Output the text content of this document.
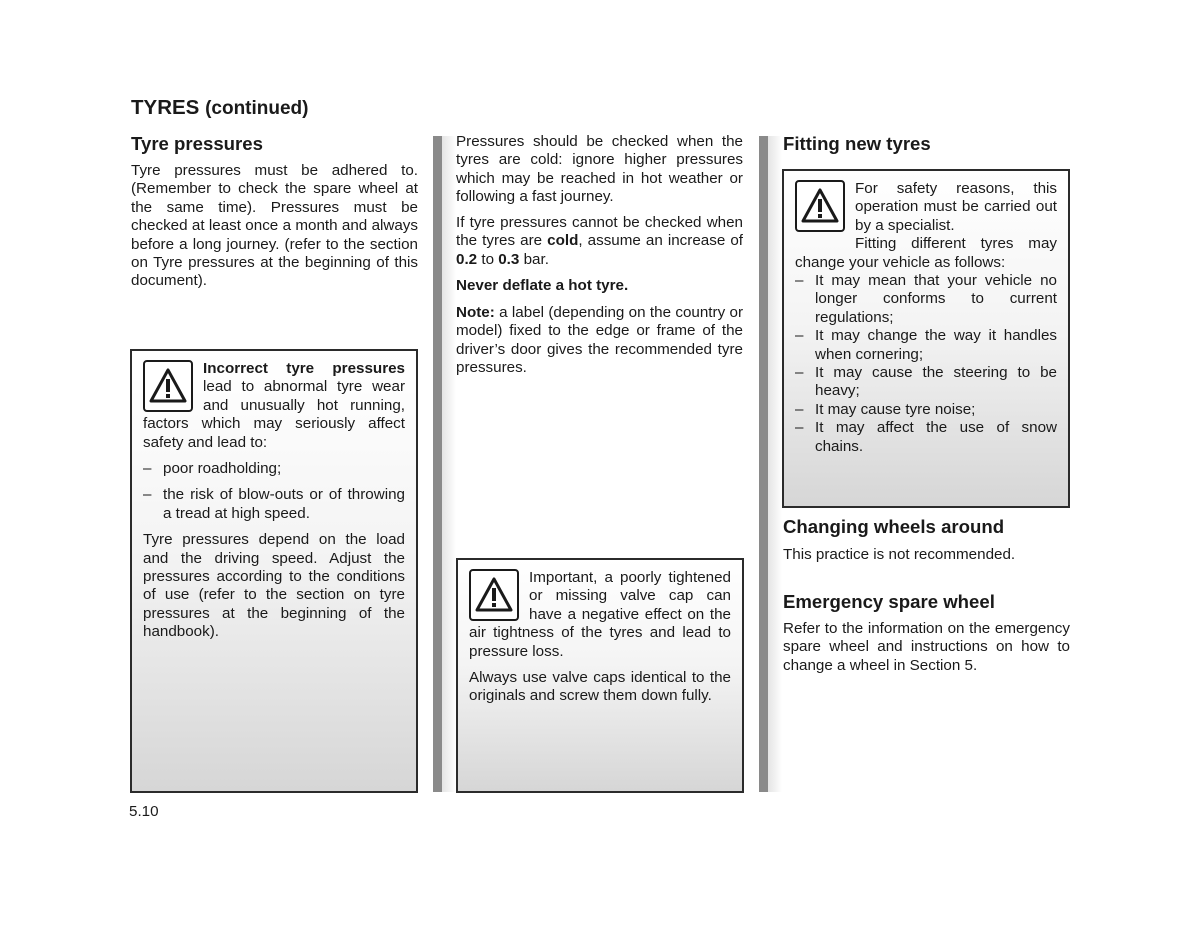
TYRES (continued)
Tyre pressures

Tyre pressures must be adhered to. (Remember to check the spare wheel at the same time). Pressures must be checked at least once a month and always before a long journey. (refer to the section on Tyre pressures at the beginning of this document).

Incorrect tyre pressures lead to abnormal tyre wear and unusually hot running, factors which may seriously affect safety and lead to:
– poor roadholding;
– the risk of blow-outs or of throwing a tread at high speed.

Tyre pressures depend on the load and the driving speed. Adjust the pressures according to the conditions of use (refer to the section on tyre pressures at the beginning of the handbook).

Pressures should be checked when the tyres are cold: ignore higher pressures which may be reached in hot weather or following a fast journey.

If tyre pressures cannot be checked when the tyres are cold, assume an increase of 0.2 to 0.3 bar.

Never deflate a hot tyre.

Note: a label (depending on the country or model) fixed to the edge or frame of the driver’s door gives the recommended tyre pressures.

Important, a poorly tightened or missing valve cap can have a negative effect on the air tightness of the tyres and lead to pressure loss.

Always use valve caps identical to the originals and screw them down fully.

Fitting new tyres
For safety reasons, this operation must be carried out by a specialist.
Fitting different tyres may change your vehicle as follows:
– It may mean that your vehicle no longer conforms to current regulations;
– It may change the way it handles when cornering;
– It may cause the steering to be heavy;
– It may cause tyre noise;
– It may affect the use of snow chains.
Changing wheels around

This practice is not recommended.

Emergency spare wheel

Refer to the information on the emergency spare wheel and instructions on how to change a wheel in Section 5.

5.10
